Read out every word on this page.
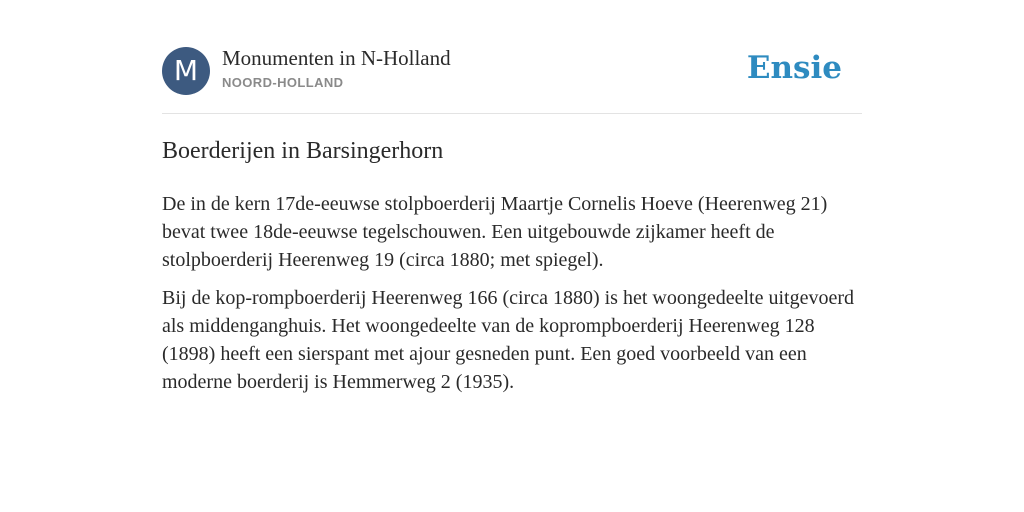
M	Monumenten in N-Holland
NOORD-HOLLAND	Ensie
Boerderijen in Barsingerhorn

De in de kern 17de-eeuwse stolpboerderij Maartje Cornelis Hoeve (Heerenweg 21) bevat twee 18de-eeuwse tegelschouwen. Een uitgebouwde zijkamer heeft de stolpboerderij Heerenweg 19 (circa 1880; met spiegel).

Bij de kop-rompboerderij Heerenweg 166 (circa 1880) is het woongedeelte uitgevoerd als middenganghuis. Het woongedeelte van de koprompboerderij Heerenweg 128 (1898) heeft een sierspant met ajour gesneden punt. Een goed voorbeeld van een moderne boerderij is Hemmerweg 2 (1935).
